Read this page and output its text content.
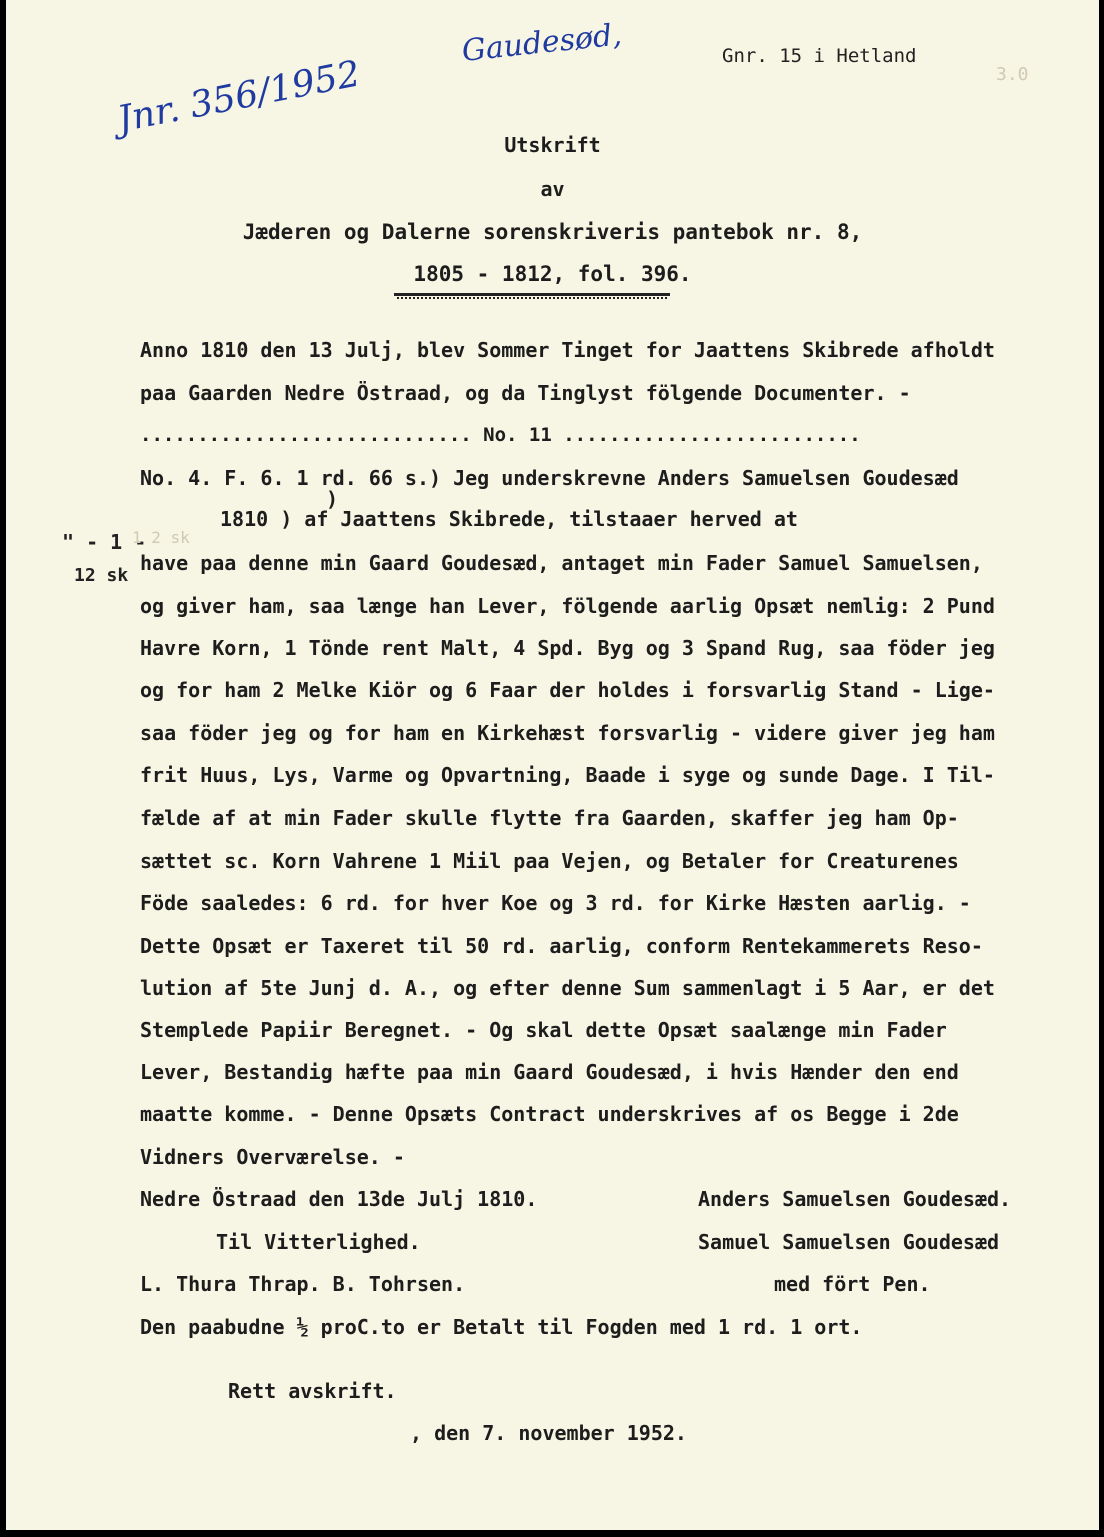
Gaudesød,
Jnr. 356/1952	Gnr. 15 i Hetland
3.0
Utskrift
av
Jæderen og Dalerne sorenskriveris pantebok nr. 8,
1805 - 1812, fol. 396.
" - 1 -
12 sk
1 2 sk
Anno 1810 den 13 Julj, blev Sommer Tinget for Jaattens Skibrede afholdt
paa Gaarden Nedre Östraad, og da Tinglyst fölgende Documenter. -
............................. No. 11 ..........................
No. 4. F. 6. 1 rd. 66 s.) Jeg underskrevne Anders Samuelsen Goudesæd
)
1810 ) af Jaattens Skibrede, tilstaaer herved at
have paa denne min Gaard Goudesæd, antaget min Fader Samuel Samuelsen,
og giver ham, saa længe han Lever, fölgende aarlig Opsæt nemlig: 2 Pund
Havre Korn, 1 Tönde rent Malt, 4 Spd. Byg og 3 Spand Rug, saa föder jeg
og for ham 2 Melke Kiör og 6 Faar der holdes i forsvarlig Stand - Lige-
saa föder jeg og for ham en Kirkehæst forsvarlig - videre giver jeg ham
frit Huus, Lys, Varme og Opvartning, Baade i syge og sunde Dage. I Til-
fælde af at min Fader skulle flytte fra Gaarden, skaffer jeg ham Op-
sættet sc. Korn Vahrene 1 Miil paa Vejen, og Betaler for Creaturenes
Föde saaledes: 6 rd. for hver Koe og 3 rd. for Kirke Hæsten aarlig. -
Dette Opsæt er Taxeret til 50 rd. aarlig, conform Rentekammerets Reso-
lution af 5te Junj d. A., og efter denne Sum sammenlagt i 5 Aar, er det
Stemplede Papiir Beregnet. - Og skal dette Opsæt saalænge min Fader
Lever, Bestandig hæfte paa min Gaard Goudesæd, i hvis Hænder den end
maatte komme. - Denne Opsæts Contract underskrives af os Begge i 2de
Vidners Overværelse. -
Nedre Östraad den 13de Julj 1810.	Anders Samuelsen Goudesæd.
Til Vitterlighed.	Samuel Samuelsen Goudesæd
L. Thura Thrap. B. Tohrsen.	med fört Pen.
Den paabudne ½ proC.to er Betalt til Fogden med 1 rd. 1 ort.
Rett avskrift.
, den 7. november 1952.
